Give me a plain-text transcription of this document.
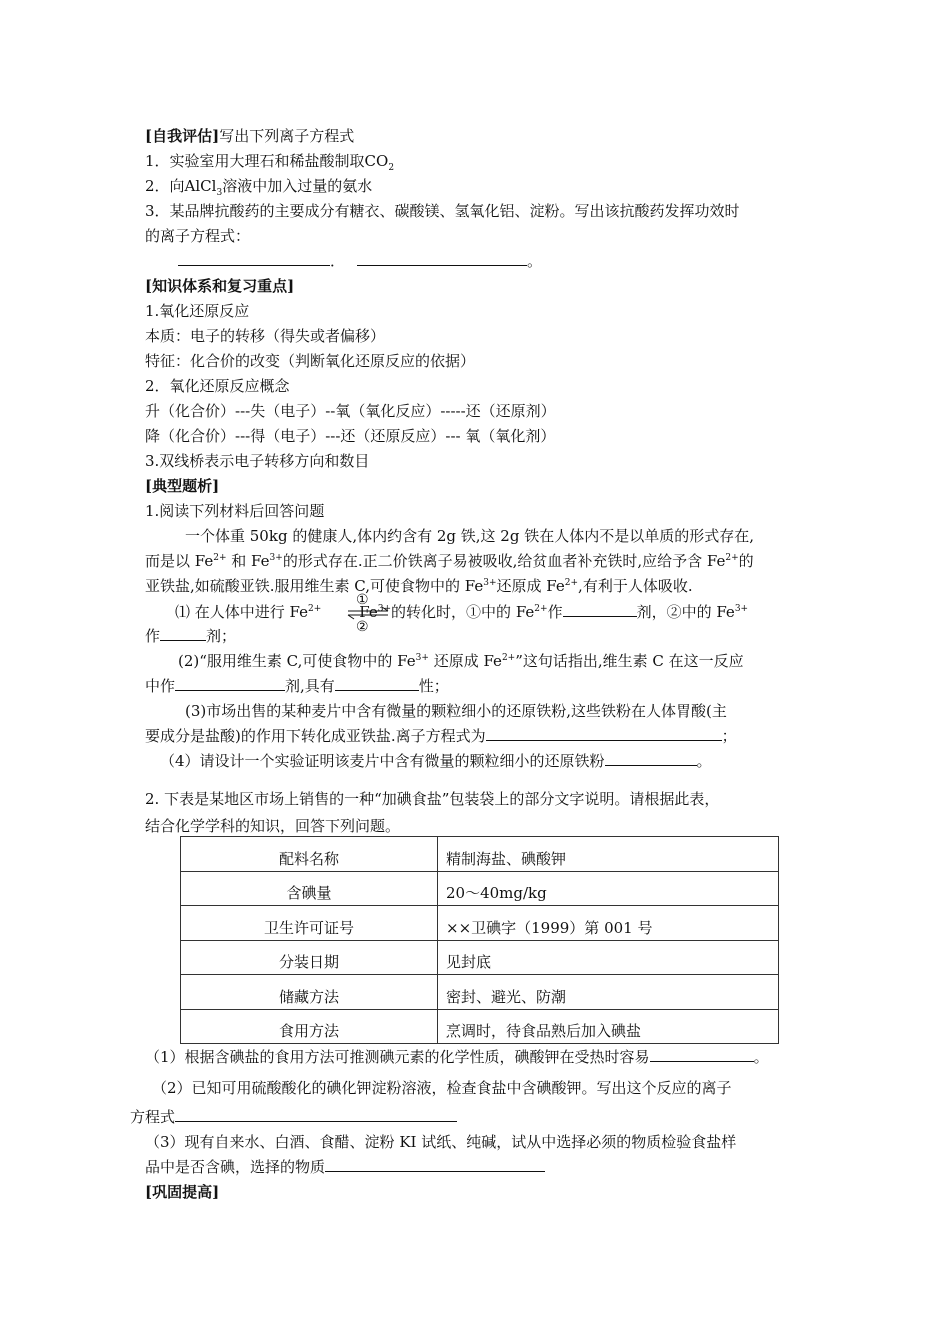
[自我评估]写出下列离子方程式
1．实验室用大理石和稀盐酸制取$CO_2$
2．向AlCl$_3$溶液中加入过量的氨水
3．某品牌抗酸药的主要成分有糖衣、碳酸镁、氢氧化铝、淀粉。写出该抗酸药发挥功效时
的离子方程式：
．	。
[知识体系和复习重点]
1.氧化还原反应
本质：电子的转移（得失或者偏移）
特征：化合价的改变（判断氧化还原反应的依据）
2．氧化还原反应概念
升（化合价）---失（电子）--氧（氧化反应）-----还（还原剂）
降（化合价）---得（电子）---还（还原反应）--- 氧（氧化剂）
3.双线桥表示电子转移方向和数目
[典型题析]
1.阅读下列材料后回答问题
一个体重 50kg 的健康人,体内约含有 2g 铁,这 2g 铁在人体内不是以单质的形式存在,
而是以 $Fe^{2+}$ 和 $Fe^{3+}$的形式存在.正二价铁离子易被吸收,给贫血者补充铁时,应给予含 $Fe^{2+}$的
亚铁盐,如硫酸亚铁.服用维生素 C,可使食物中的 $Fe^{3+}$还原成 $Fe^{2+}$,有利于人体吸收.
⑴ 在人体中进行 $Fe^{2+}$	$Fe^{3+}$的转化时，①中的 $Fe^{2+}$作	剂，②中的 $Fe^{3+}$
①
②
作	剂；
(2)“服用维生素 C,可使食物中的 $Fe^{3+}$ 还原成 $Fe^{2+}$”这句话指出,维生素 C 在这一反应
中作	剂,具有	性；
(3)市场出售的某种麦片中含有微量的颗粒细小的还原铁粉,这些铁粉在人体胃酸(主
要成分是盐酸)的作用下转化成亚铁盐.离子方程式为	；
（4）请设计一个实验证明该麦片中含有微量的颗粒细小的还原铁粉	。
2. 下表是某地区市场上销售的一种“加碘食盐”包装袋上的部分文字说明。请根据此表，
结合化学学科的知识，回答下列问题。
配料名称	精制海盐、碘酸钾
含碘量	20～40mg/kg
卫生许可证号	××卫碘字（1999）第 001 号
分装日期	见封底
储藏方法	密封、避光、防潮
食用方法	烹调时，待食品熟后加入碘盐
（1）根据含碘盐的食用方法可推测碘元素的化学性质，碘酸钾在受热时容易	。
（2）已知可用硫酸酸化的碘化钾淀粉溶液，检查食盐中含碘酸钾。写出这个反应的离子
方程式
（3）现有自来水、白酒、食醋、淀粉 KI 试纸、纯碱，试从中选择必须的物质检验食盐样
品中是否含碘，选择的物质
[巩固提高]
